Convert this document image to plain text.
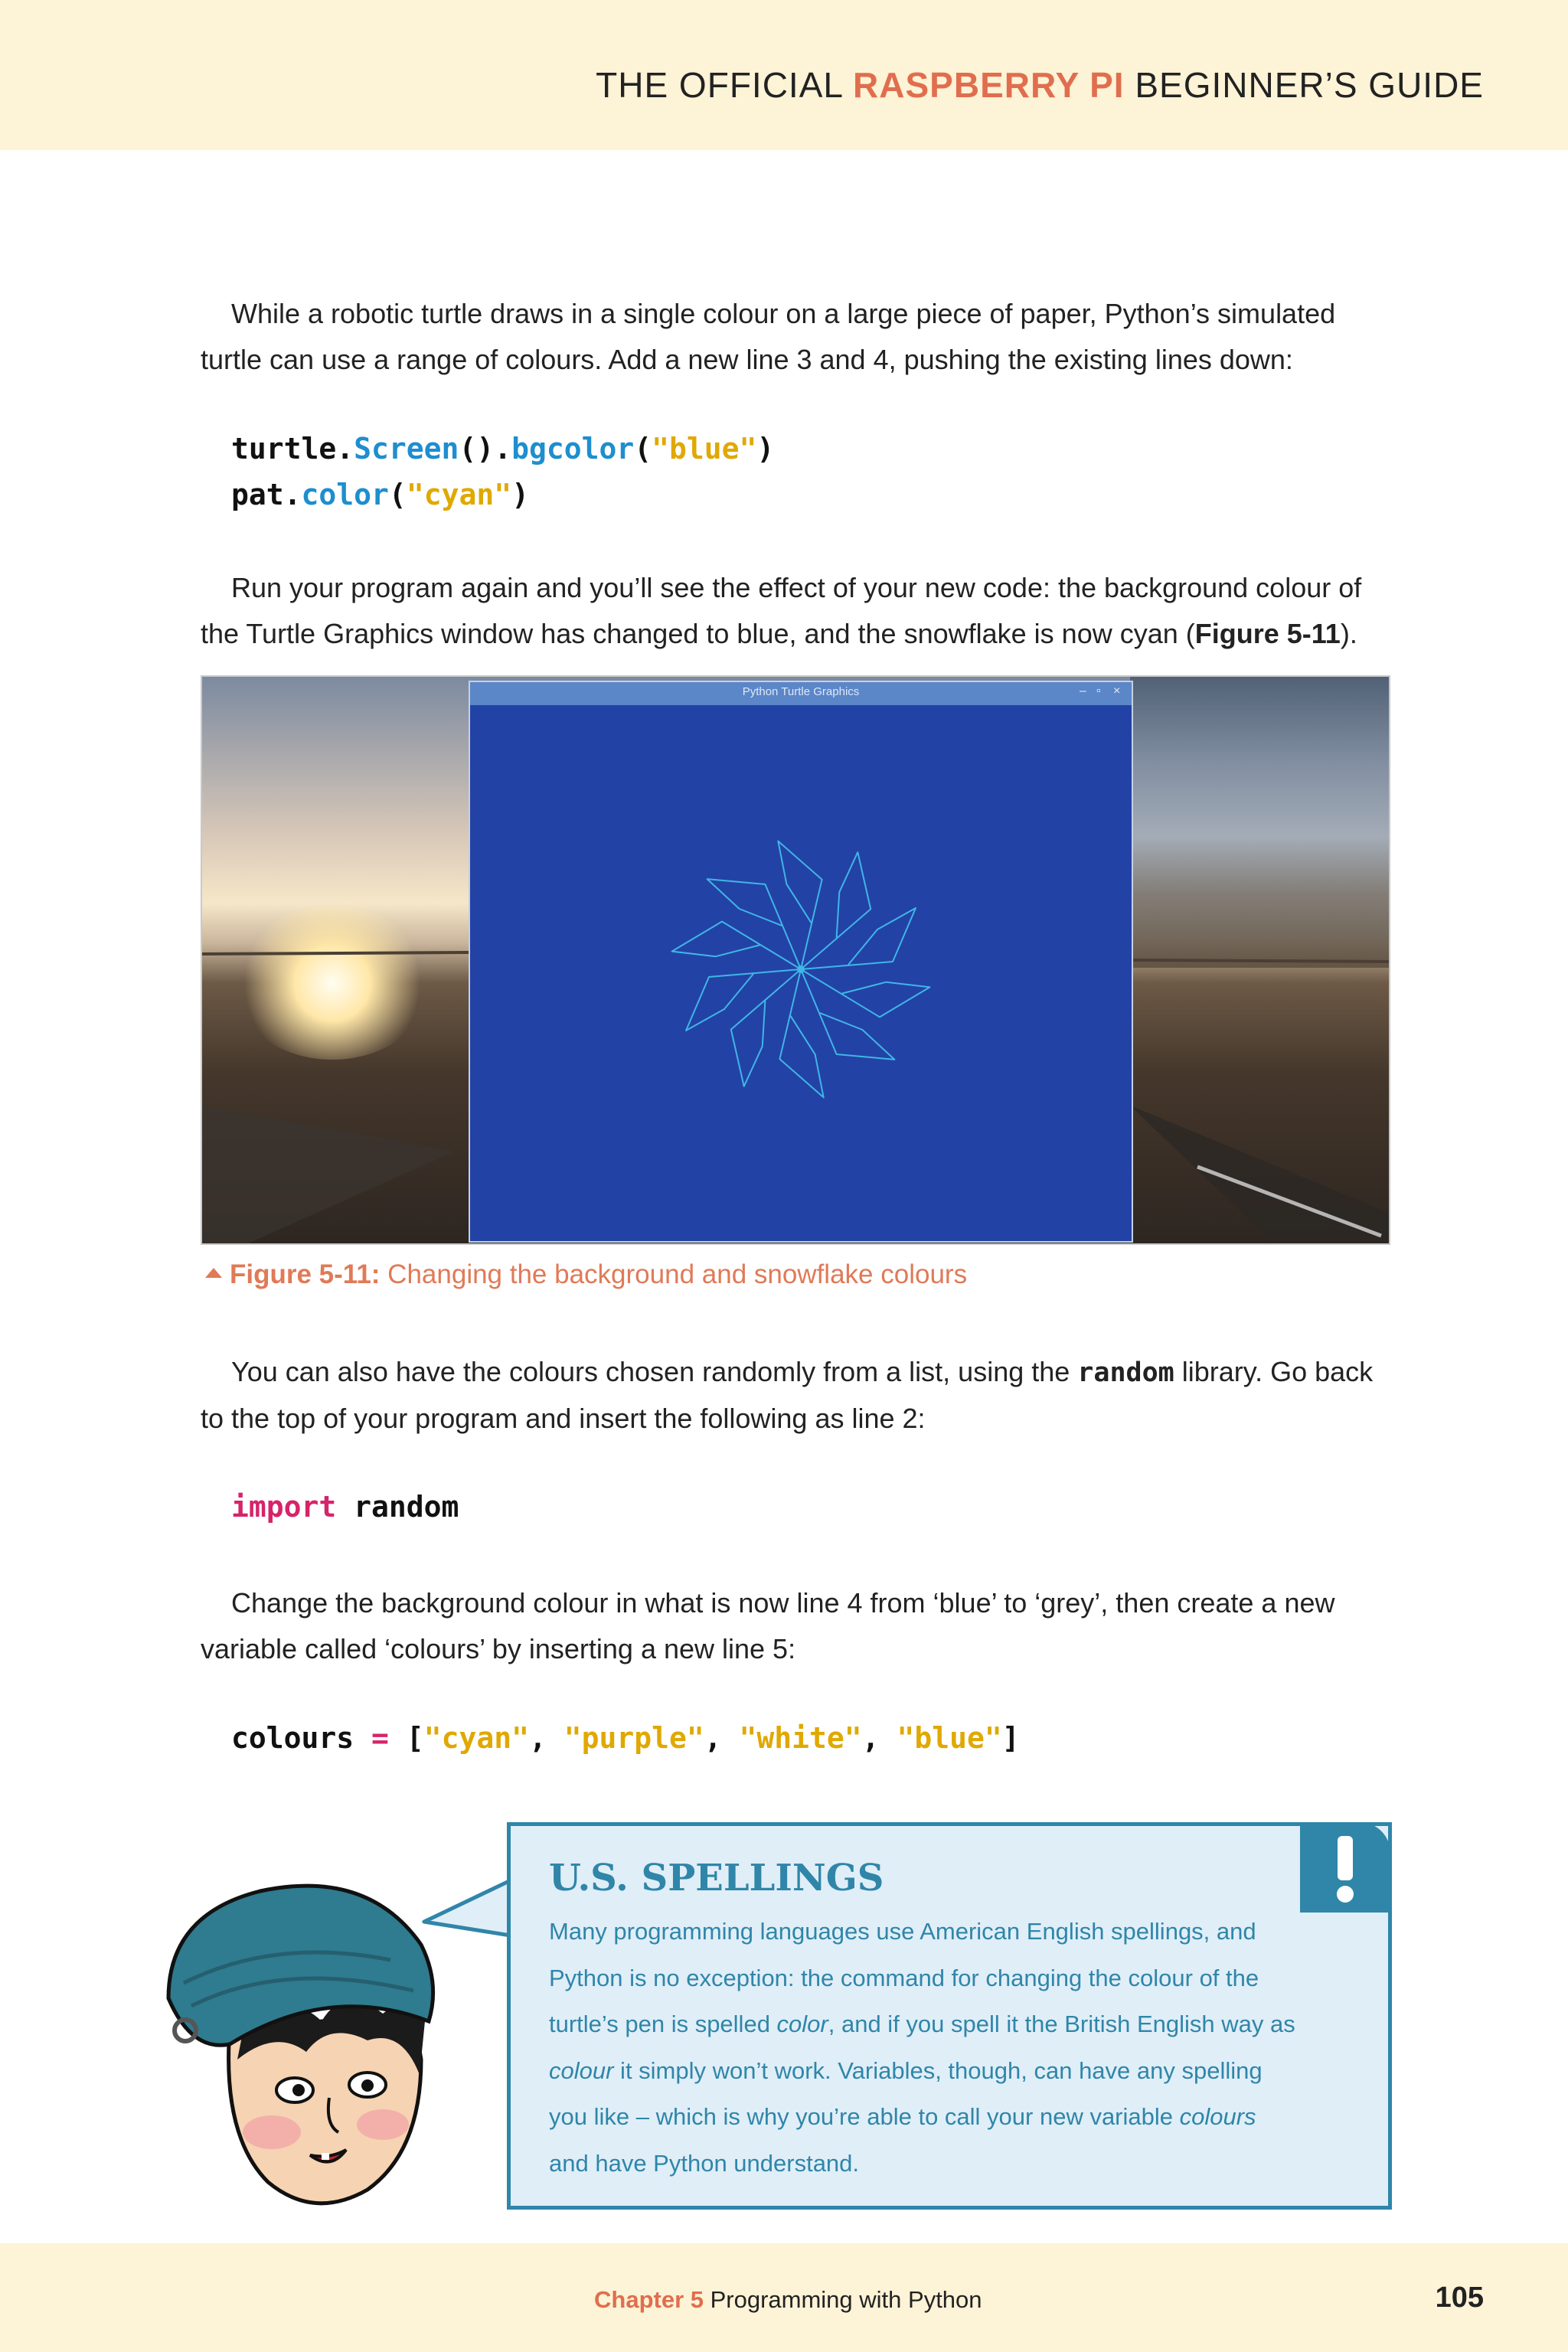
THE OFFICIAL RASPBERRY PI BEGINNER’S GUIDE

While a robotic turtle draws in a single colour on a large piece of paper, Python’s simulated turtle can use a range of colours. Add a new line 3 and 4, pushing the existing lines down:

turtle.Screen().bgcolor("blue")
pat.color("cyan")

Run your program again and you’ll see the effect of your new code: the background colour of the Turtle Graphics window has changed to blue, and the snowflake is now cyan (Figure 5-11).

Python Turtle Graphics	– ▫ ×
Figure 5-11: Changing the background and snowflake colours

You can also have the colours chosen randomly from a list, using the random library. Go back to the top of your program and insert the following as line 2:

import random

Change the background colour in what is now line 4 from ‘blue’ to ‘grey’, then create a new variable called ‘colours’ by inserting a new line 5:

colours = ["cyan", "purple", "white", "blue"]
U.S. SPELLINGS

Many programming languages use American English spellings, and Python is no exception: the command for changing the colour of the turtle’s pen is spelled color, and if you spell it the British English way as colour it simply won’t work. Variables, though, can have any spelling you like – which is why you’re able to call your new variable colours and have Python understand.

Chapter 5 Programming with Python	105
